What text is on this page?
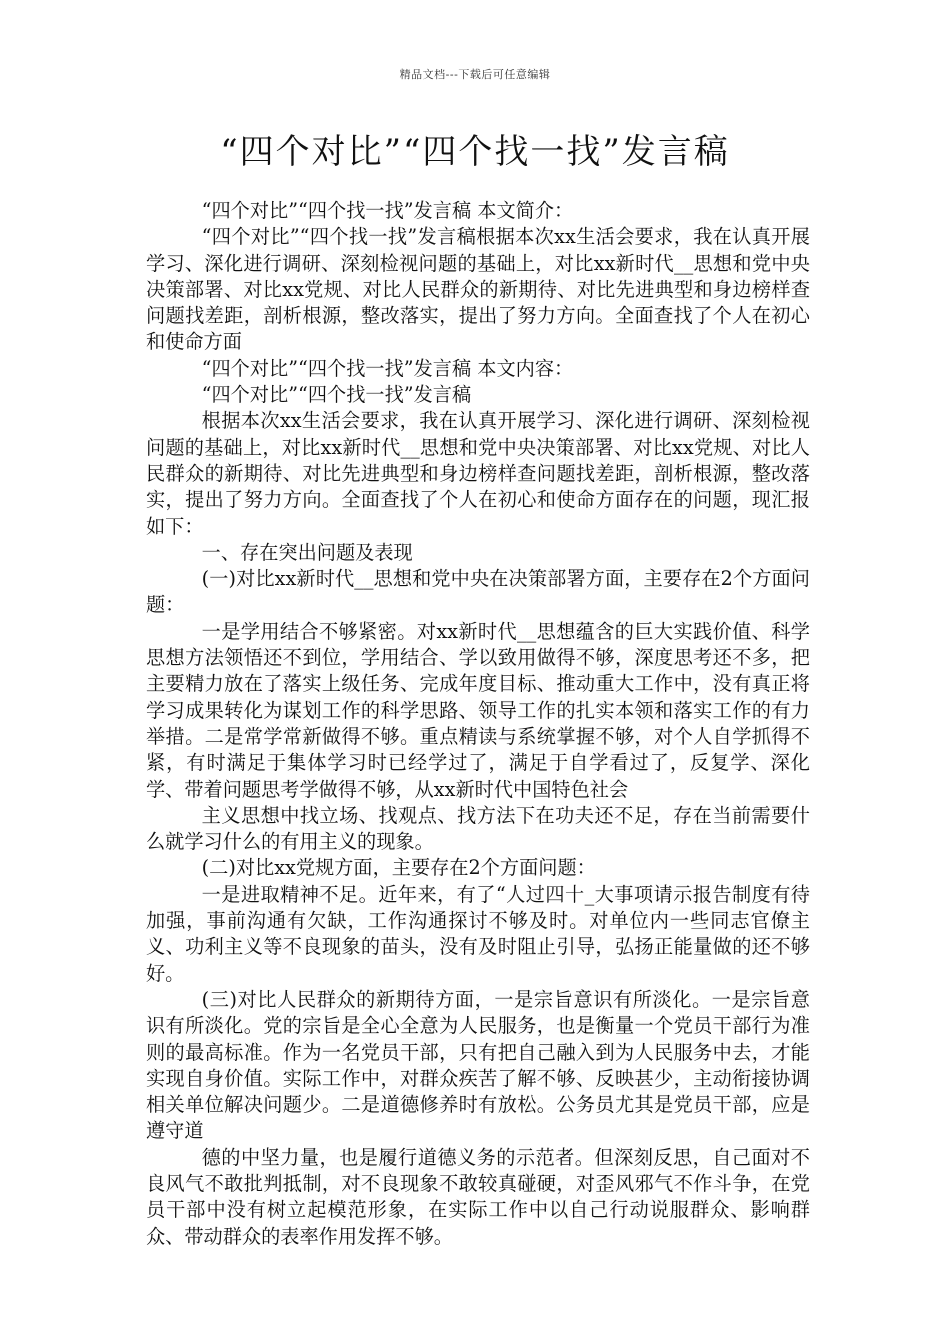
精品文档---下载后可任意编辑
“四个对比”“四个找一找”发言稿

“四个对比”“四个找一找”发言稿 本文简介：

“四个对比”“四个找一找”发言稿根据本次xx生活会要求，我在认真开展学习、深化进行调研、深刻检视问题的基础上，对比xx新时代__思想和党中央决策部署、对比xx党规、对比人民群众的新期待、对比先进典型和身边榜样查问题找差距，剖析根源，整改落实，提出了努力方向。全面查找了个人在初心和使命方面

“四个对比”“四个找一找”发言稿 本文内容：

“四个对比”“四个找一找”发言稿

根据本次xx生活会要求，我在认真开展学习、深化进行调研、深刻检视问题的基础上，对比xx新时代__思想和党中央决策部署、对比xx党规、对比人民群众的新期待、对比先进典型和身边榜样查问题找差距，剖析根源，整改落实，提出了努力方向。全面查找了个人在初心和使命方面存在的问题，现汇报如下：

一、存在突出问题及表现

(一)对比xx新时代__思想和党中央在决策部署方面，主要存在2个方面问题：

一是学用结合不够紧密。对xx新时代__思想蕴含的巨大实践价值、科学思想方法领悟还不到位，学用结合、学以致用做得不够，深度思考还不多，把主要精力放在了落实上级任务、完成年度目标、推动重大工作中，没有真正将学习成果转化为谋划工作的科学思路、领导工作的扎实本领和落实工作的有力举措。二是常学常新做得不够。重点精读与系统掌握不够，对个人自学抓得不紧，有时满足于集体学习时已经学过了，满足于自学看过了，反复学、深化学、带着问题思考学做得不够，从xx新时代中国特色社会

主义思想中找立场、找观点、找方法下在功夫还不足，存在当前需要什么就学习什么的有用主义的现象。

(二)对比xx党规方面，主要存在2个方面问题：

一是进取精神不足。近年来，有了“人过四十_大事项请示报告制度有待加强，事前沟通有欠缺，工作沟通探讨不够及时。对单位内一些同志官僚主义、功利主义等不良现象的苗头，没有及时阻止引导，弘扬正能量做的还不够好。

(三)对比人民群众的新期待方面，一是宗旨意识有所淡化。一是宗旨意识有所淡化。党的宗旨是全心全意为人民服务，也是衡量一个党员干部行为准则的最高标准。作为一名党员干部，只有把自己融入到为人民服务中去，才能实现自身价值。实际工作中，对群众疾苦了解不够、反映甚少，主动衔接协调相关单位解决问题少。二是道德修养时有放松。公务员尤其是党员干部，应是遵守道

德的中坚力量，也是履行道德义务的示范者。但深刻反思，自己面对不良风气不敢批判抵制，对不良现象不敢较真碰硬，对歪风邪气不作斗争，在党员干部中没有树立起模范形象，在实际工作中以自己行动说服群众、影响群众、带动群众的表率作用发挥不够。
